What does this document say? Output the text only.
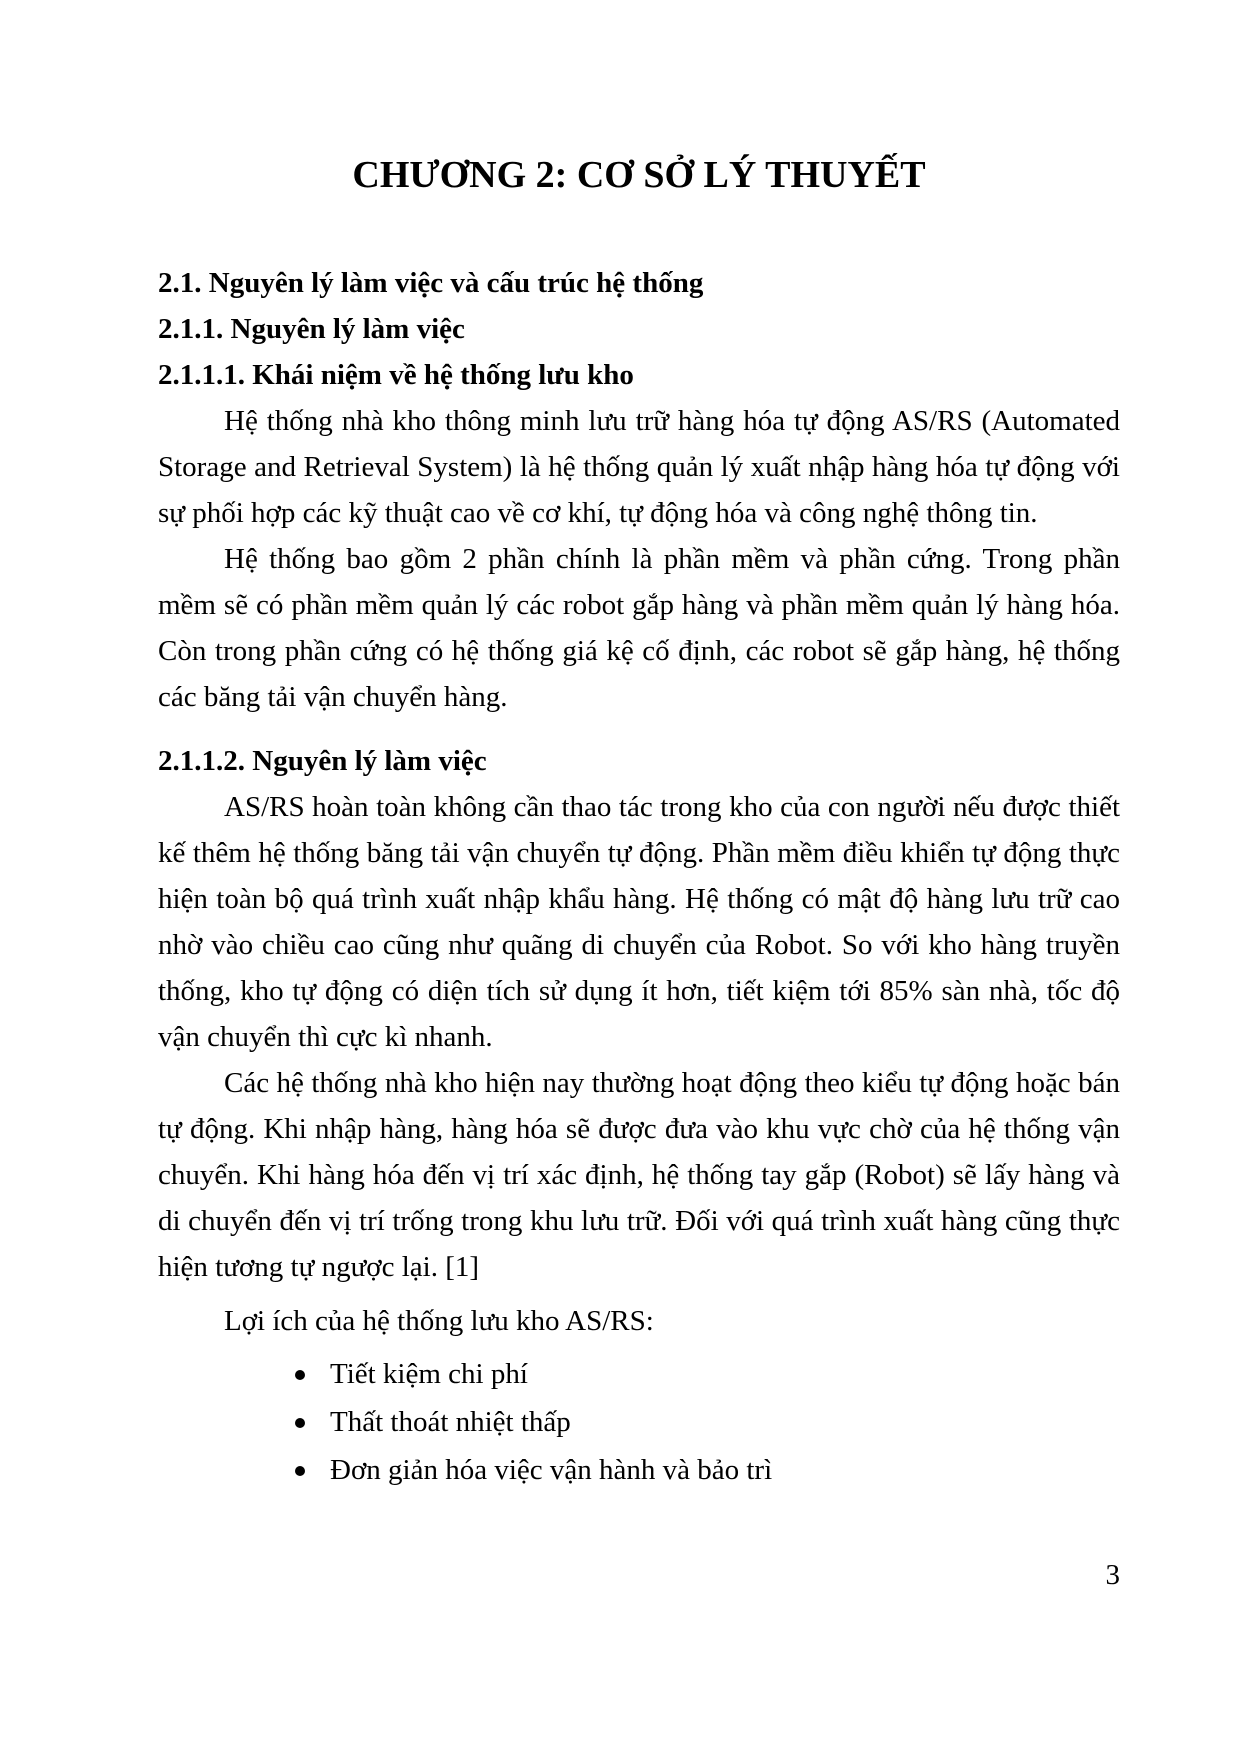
CHƯƠNG 2: CƠ SỞ LÝ THUYẾT
2.1. Nguyên lý làm việc và cấu trúc hệ thống
2.1.1. Nguyên lý làm việc
2.1.1.1. Khái niệm về hệ thống lưu kho

Hệ thống nhà kho thông minh lưu trữ hàng hóa tự động AS/RS (Automated Storage and Retrieval System) là hệ thống quản lý xuất nhập hàng hóa tự động với sự phối hợp các kỹ thuật cao về cơ khí, tự động hóa và công nghệ thông tin.

Hệ thống bao gồm 2 phần chính là phần mềm và phần cứng. Trong phần mềm sẽ có phần mềm quản lý các robot gắp hàng và phần mềm quản lý hàng hóa. Còn trong phần cứng có hệ thống giá kệ cố định, các robot sẽ gắp hàng, hệ thống các băng tải vận chuyển hàng.

2.1.1.2. Nguyên lý làm việc

AS/RS hoàn toàn không cần thao tác trong kho của con người nếu được thiết kế thêm hệ thống băng tải vận chuyển tự động. Phần mềm điều khiển tự động thực hiện toàn bộ quá trình xuất nhập khẩu hàng. Hệ thống có mật độ hàng lưu trữ cao nhờ vào chiều cao cũng như quãng di chuyển của Robot. So với kho hàng truyền thống, kho tự động có diện tích sử dụng ít hơn, tiết kiệm tới 85% sàn nhà, tốc độ vận chuyển thì cực kì nhanh.

Các hệ thống nhà kho hiện nay thường hoạt động theo kiểu tự động hoặc bán tự động. Khi nhập hàng, hàng hóa sẽ được đưa vào khu vực chờ của hệ thống vận chuyển. Khi hàng hóa đến vị trí xác định, hệ thống tay gắp (Robot) sẽ lấy hàng và di chuyển đến vị trí trống trong khu lưu trữ. Đối với quá trình xuất hàng cũng thực hiện tương tự ngược lại. [1]

Lợi ích của hệ thống lưu kho AS/RS:

Tiết kiệm chi phí
Thất thoát nhiệt thấp
Đơn giản hóa việc vận hành và bảo trì
3
